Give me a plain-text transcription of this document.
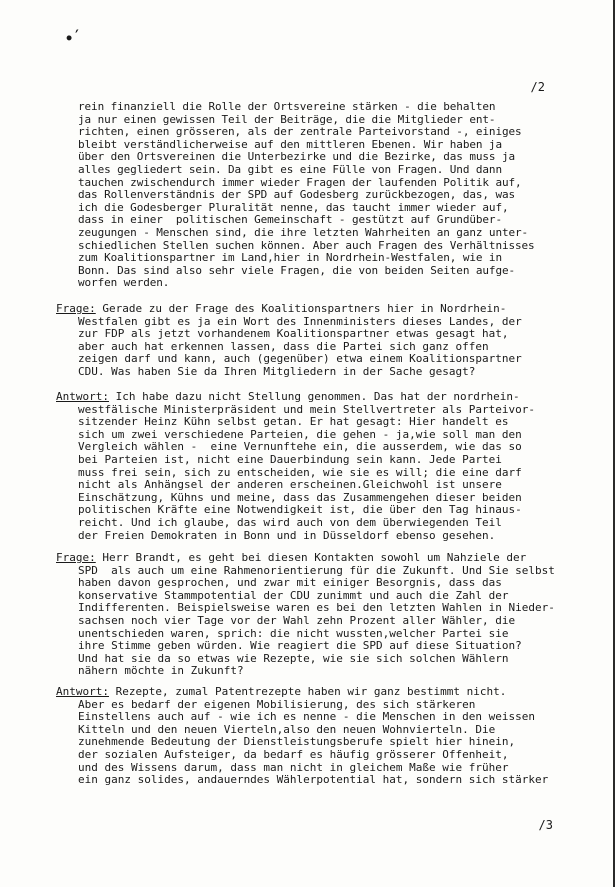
•´
/2
rein finanziell die Rolle der Ortsvereine stärken - die behalten
ja nur einen gewissen Teil der Beiträge, die die Mitglieder ent-
richten, einen grösseren, als der zentrale Parteivorstand -, einiges
bleibt verständlicherweise auf den mittleren Ebenen. Wir haben ja
über den Ortsvereinen die Unterbezirke und die Bezirke, das muss ja
alles gegliedert sein. Da gibt es eine Fülle von Fragen. Und dann
tauchen zwischendurch immer wieder Fragen der laufenden Politik auf,
das Rollenverständnis der SPD auf Godesberg zurückbezogen, das, was
ich die Godesberger Pluralität nenne, das taucht immer wieder auf,
dass in einer  politischen Gemeinschaft - gestützt auf Grundüber-
zeugungen - Menschen sind, die ihre letzten Wahrheiten an ganz unter-
schiedlichen Stellen suchen können. Aber auch Fragen des Verhältnisses
zum Koalitionspartner im Land,hier in Nordrhein-Westfalen, wie in
Bonn. Das sind also sehr viele Fragen, die von beiden Seiten aufge-
worfen werden.
Frage: Gerade zu der Frage des Koalitionspartners hier in Nordrhein-
Westfalen gibt es ja ein Wort des Innenministers dieses Landes, der
zur FDP als jetzt vorhandenem Koalitionspartner etwas gesagt hat,
aber auch hat erkennen lassen, dass die Partei sich ganz offen
zeigen darf und kann, auch (gegenüber) etwa einem Koalitionspartner
CDU. Was haben Sie da Ihren Mitgliedern in der Sache gesagt?
Antwort: Ich habe dazu nicht Stellung genommen. Das hat der nordrhein-
westfälische Ministerpräsident und mein Stellvertreter als Parteivor-
sitzender Heinz Kühn selbst getan. Er hat gesagt: Hier handelt es
sich um zwei verschiedene Parteien, die gehen - ja,wie soll man den
Vergleich wählen -  eine Vernunftehe ein, die ausserdem, wie das so
bei Parteien ist, nicht eine Dauerbindung sein kann. Jede Partei
muss frei sein, sich zu entscheiden, wie sie es will; die eine darf
nicht als Anhängsel der anderen erscheinen.Gleichwohl ist unsere
Einschätzung, Kühns und meine, dass das Zusammengehen dieser beiden
politischen Kräfte eine Notwendigkeit ist, die über den Tag hinaus-
reicht. Und ich glaube, das wird auch von dem überwiegenden Teil
der Freien Demokraten in Bonn und in Düsseldorf ebenso gesehen.
Frage: Herr Brandt, es geht bei diesen Kontakten sowohl um Nahziele der
SPD  als auch um eine Rahmenorientierung für die Zukunft. Und Sie selbst
haben davon gesprochen, und zwar mit einiger Besorgnis, dass das
konservative Stammpotential der CDU zunimmt und auch die Zahl der
Indifferenten. Beispielsweise waren es bei den letzten Wahlen in Nieder-
sachsen noch vier Tage vor der Wahl zehn Prozent aller Wähler, die
unentschieden waren, sprich: die nicht wussten,welcher Partei sie
ihre Stimme geben würden. Wie reagiert die SPD auf diese Situation?
Und hat sie da so etwas wie Rezepte, wie sie sich solchen Wählern
nähern möchte in Zukunft?
Antwort: Rezepte, zumal Patentrezepte haben wir ganz bestimmt nicht.
Aber es bedarf der eigenen Mobilisierung, des sich stärkeren
Einstellens auch auf - wie ich es nenne - die Menschen in den weissen
Kitteln und den neuen Vierteln,also den neuen Wohnvierteln. Die
zunehmende Bedeutung der Dienstleistungsberufe spielt hier hinein,
der sozialen Aufsteiger, da bedarf es häufig grösserer Offenheit,
und des Wissens darum, dass man nicht in gleichem Maße wie früher
ein ganz solides, andauerndes Wählerpotential hat, sondern sich stärker
/3
